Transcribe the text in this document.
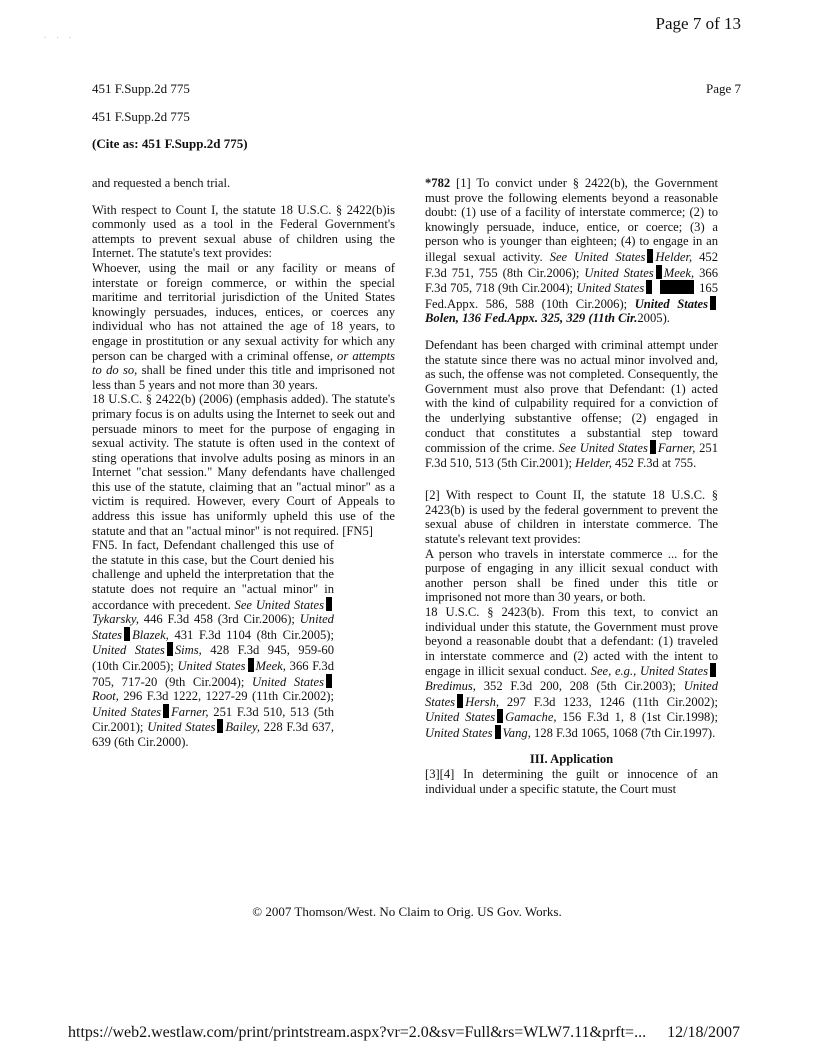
. . .
Page 7 of 13
Page 7
451 F.Supp.2d 775
451 F.Supp.2d 775
(Cite as: 451 F.Supp.2d 775)

and requested a bench trial.

With respect to Count I, the statute 18 U.S.C. § 2422(b)is commonly used as a tool in the Federal Government's attempts to prevent sexual abuse of children using the Internet. The statute's text provides:

Whoever, using the mail or any facility or means of interstate or foreign commerce, or within the special maritime and territorial jurisdiction of the United States knowingly persuades, induces, entices, or coerces any individual who has not attained the age of 18 years, to engage in prostitution or any sexual activity for which any person can be charged with a criminal offense, or attempts to do so, shall be fined under this title and imprisoned not less than 5 years and not more than 30 years.

18 U.S.C. § 2422(b) (2006) (emphasis added). The statute's primary focus is on adults using the Internet to seek out and persuade minors to meet for the purpose of engaging in sexual activity. The statute is often used in the context of sting operations that involve adults posing as minors in an Internet "chat session." Many defendants have challenged this use of the statute, claiming that an "actual minor" as a victim is required. However, every Court of Appeals to address this issue has uniformly upheld this use of the statute and that an "actual minor" is not required. [FN5]

FN5. In fact, Defendant challenged this use of the statute in this case, but the Court denied his challenge and upheld the interpretation that the statute does not require an "actual minor" in accordance with precedent. See United StatesTykarsky, 446 F.3d 458 (3rd Cir.2006); United States Blazek, 431 F.3d 1104 (8th Cir.2005); United States Sims, 428 F.3d 945, 959-60 (10th Cir.2005); United States Meek, 366 F.3d 705, 717-20 (9th Cir.2004); United StatesRoot, 296 F.3d 1222, 1227-29 (11th Cir.2002); United States Farner, 251 F.3d 510, 513 (5th Cir.2001); United States Bailey, 228 F.3d 637, 639 (6th Cir.2000).

*782 [1] To convict under § 2422(b), the Government must prove the following elements beyond a reasonable doubt: (1) use of a facility of interstate commerce; (2) to knowingly persuade, induce, entice, or coerce; (3) a person who is younger than eighteen; (4) to engage in an illegal sexual activity. See United States Helder, 452 F.3d 751, 755 (8th Cir.2006); United States Meek, 366 F.3d 705, 718 (9th Cir.2004); United States	165 Fed.Appx. 586, 588 (10th Cir.2006); United StatesBolen, 136 Fed.Appx. 325, 329 (11th Cir.2005).

Defendant has been charged with criminal attempt under the statute since there was no actual minor involved and, as such, the offense was not completed. Consequently, the Government must also prove that Defendant: (1) acted with the kind of culpability required for a conviction of the underlying substantive offense; (2) engaged in conduct that constitutes a substantial step toward commission of the crime. See United States Farner, 251 F.3d 510, 513 (5th Cir.2001); Helder, 452 F.3d at 755.

[2] With respect to Count II, the statute 18 U.S.C. § 2423(b) is used by the federal government to prevent the sexual abuse of children in interstate commerce. The statute's relevant text provides:

A person who travels in interstate commerce ... for the purpose of engaging in any illicit sexual conduct with another person shall be fined under this title or imprisoned not more than 30 years, or both.

18 U.S.C. § 2423(b). From this text, to convict an individual under this statute, the Government must prove beyond a reasonable doubt that a defendant: (1) traveled in interstate commerce and (2) acted with the intent to engage in illicit sexual conduct. See, e.g., United StatesBredimus, 352 F.3d 200, 208 (5th Cir.2003); United States Hersh, 297 F.3d 1233, 1246 (11th Cir.2002); United States Gamache, 156 F.3d 1, 8 (1st Cir.1998); United States Vang, 128 F.3d 1065, 1068 (7th Cir.1997).

III. Application

[3][4] In determining the guilt or innocence of an individual under a specific statute, the Court must

© 2007 Thomson/West. No Claim to Orig. US Gov. Works.
https://web2.westlaw.com/print/printstream.aspx?vr=2.0&sv=Full&rs=WLW7.11&prft=... 12/18/2007
